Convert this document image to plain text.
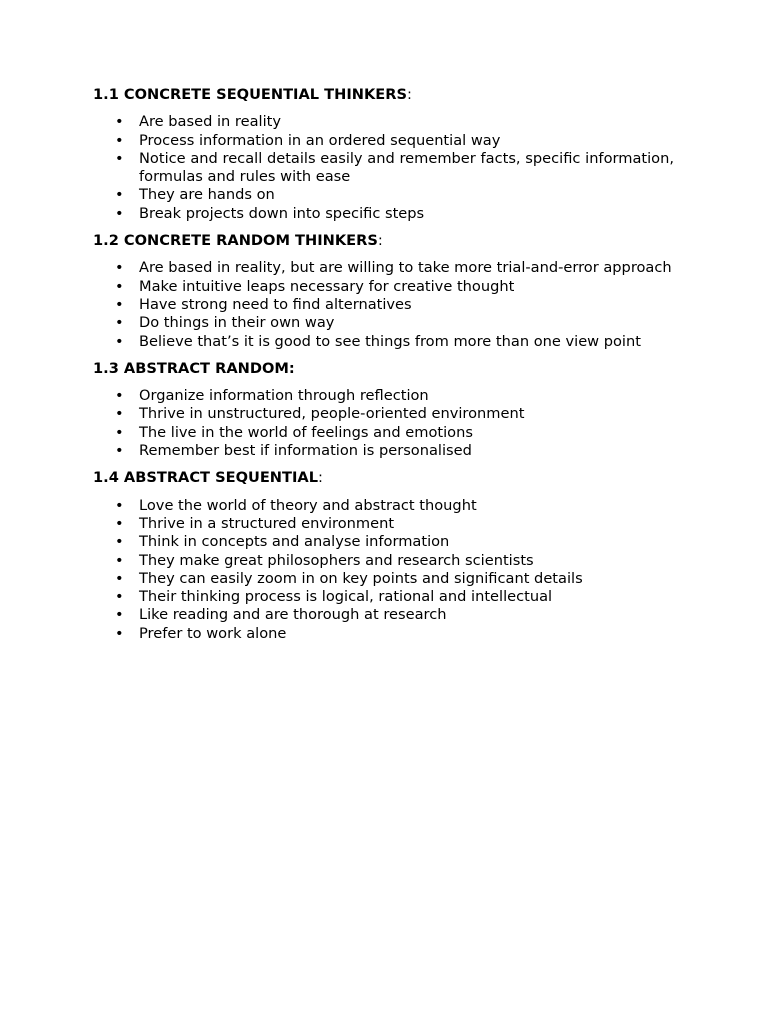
1.1 CONCRETE SEQUENTIAL THINKERS:

• Are based in reality
• Process information in an ordered sequential way
• Notice and recall details easily and remember facts, specific information, formulas and rules with ease
• They are hands on
• Break projects down into specific steps

1.2 CONCRETE RANDOM THINKERS:

• Are based in reality, but are willing to take more trial-and-error approach
• Make intuitive leaps necessary for creative thought
• Have strong need to find alternatives
• Do things in their own way
• Believe that’s it is good to see things from more than one view point

1.3 ABSTRACT RANDOM:

• Organize information through reflection
• Thrive in unstructured, people-oriented environment
• The live in the world of feelings and emotions
• Remember best if information is personalised

1.4 ABSTRACT SEQUENTIAL:

• Love the world of theory and abstract thought
• Thrive in a structured environment
• Think in concepts and analyse information
• They make great philosophers and research scientists
• They can easily zoom in on key points and significant details
• Their thinking process is logical, rational and intellectual
• Like reading and are thorough at research
• Prefer to work alone
